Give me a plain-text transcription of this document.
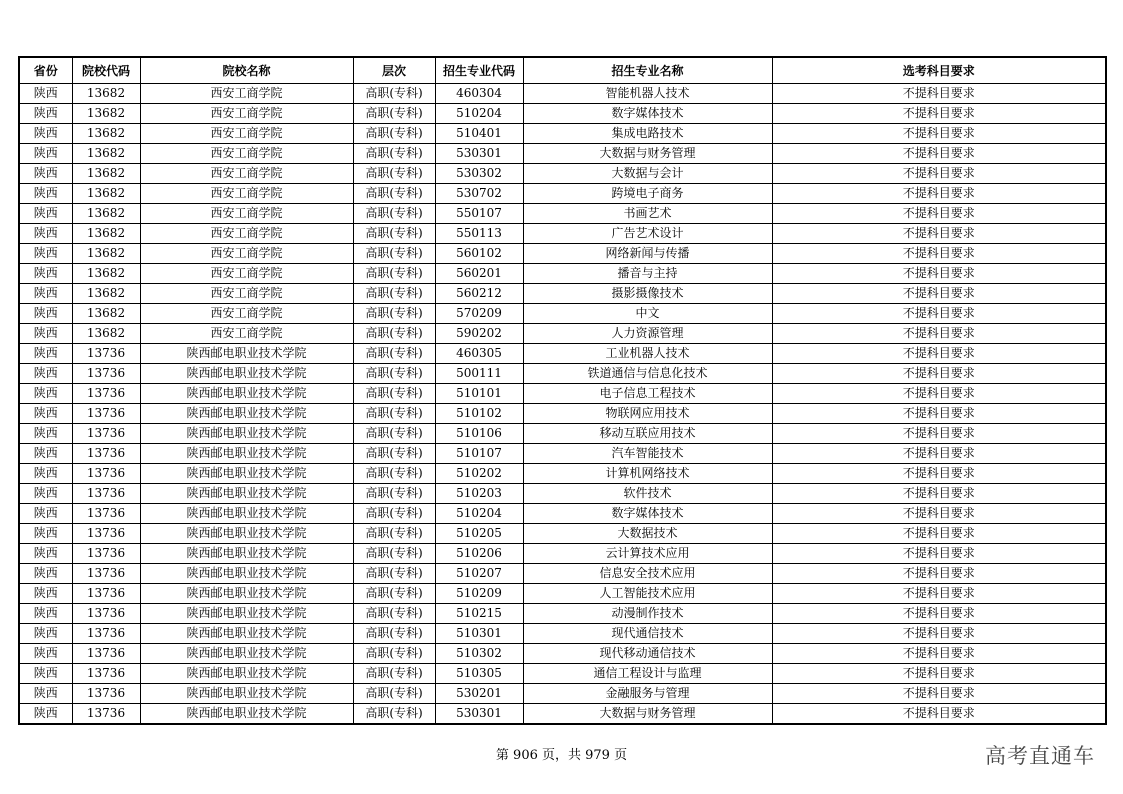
省份	院校代码	院校名称	层次	招生专业代码	招生专业名称	选考科目要求
陕西	13682	西安工商学院	高职(专科)	460304	智能机器人技术	不提科目要求
陕西	13682	西安工商学院	高职(专科)	510204	数字媒体技术	不提科目要求
陕西	13682	西安工商学院	高职(专科)	510401	集成电路技术	不提科目要求
陕西	13682	西安工商学院	高职(专科)	530301	大数据与财务管理	不提科目要求
陕西	13682	西安工商学院	高职(专科)	530302	大数据与会计	不提科目要求
陕西	13682	西安工商学院	高职(专科)	530702	跨境电子商务	不提科目要求
陕西	13682	西安工商学院	高职(专科)	550107	书画艺术	不提科目要求
陕西	13682	西安工商学院	高职(专科)	550113	广告艺术设计	不提科目要求
陕西	13682	西安工商学院	高职(专科)	560102	网络新闻与传播	不提科目要求
陕西	13682	西安工商学院	高职(专科)	560201	播音与主持	不提科目要求
陕西	13682	西安工商学院	高职(专科)	560212	摄影摄像技术	不提科目要求
陕西	13682	西安工商学院	高职(专科)	570209	中文	不提科目要求
陕西	13682	西安工商学院	高职(专科)	590202	人力资源管理	不提科目要求
陕西	13736	陕西邮电职业技术学院	高职(专科)	460305	工业机器人技术	不提科目要求
陕西	13736	陕西邮电职业技术学院	高职(专科)	500111	铁道通信与信息化技术	不提科目要求
陕西	13736	陕西邮电职业技术学院	高职(专科)	510101	电子信息工程技术	不提科目要求
陕西	13736	陕西邮电职业技术学院	高职(专科)	510102	物联网应用技术	不提科目要求
陕西	13736	陕西邮电职业技术学院	高职(专科)	510106	移动互联应用技术	不提科目要求
陕西	13736	陕西邮电职业技术学院	高职(专科)	510107	汽车智能技术	不提科目要求
陕西	13736	陕西邮电职业技术学院	高职(专科)	510202	计算机网络技术	不提科目要求
陕西	13736	陕西邮电职业技术学院	高职(专科)	510203	软件技术	不提科目要求
陕西	13736	陕西邮电职业技术学院	高职(专科)	510204	数字媒体技术	不提科目要求
陕西	13736	陕西邮电职业技术学院	高职(专科)	510205	大数据技术	不提科目要求
陕西	13736	陕西邮电职业技术学院	高职(专科)	510206	云计算技术应用	不提科目要求
陕西	13736	陕西邮电职业技术学院	高职(专科)	510207	信息安全技术应用	不提科目要求
陕西	13736	陕西邮电职业技术学院	高职(专科)	510209	人工智能技术应用	不提科目要求
陕西	13736	陕西邮电职业技术学院	高职(专科)	510215	动漫制作技术	不提科目要求
陕西	13736	陕西邮电职业技术学院	高职(专科)	510301	现代通信技术	不提科目要求
陕西	13736	陕西邮电职业技术学院	高职(专科)	510302	现代移动通信技术	不提科目要求
陕西	13736	陕西邮电职业技术学院	高职(专科)	510305	通信工程设计与监理	不提科目要求
陕西	13736	陕西邮电职业技术学院	高职(专科)	530201	金融服务与管理	不提科目要求
陕西	13736	陕西邮电职业技术学院	高职(专科)	530301	大数据与财务管理	不提科目要求
第 906 页，共 979 页	高考直通车
